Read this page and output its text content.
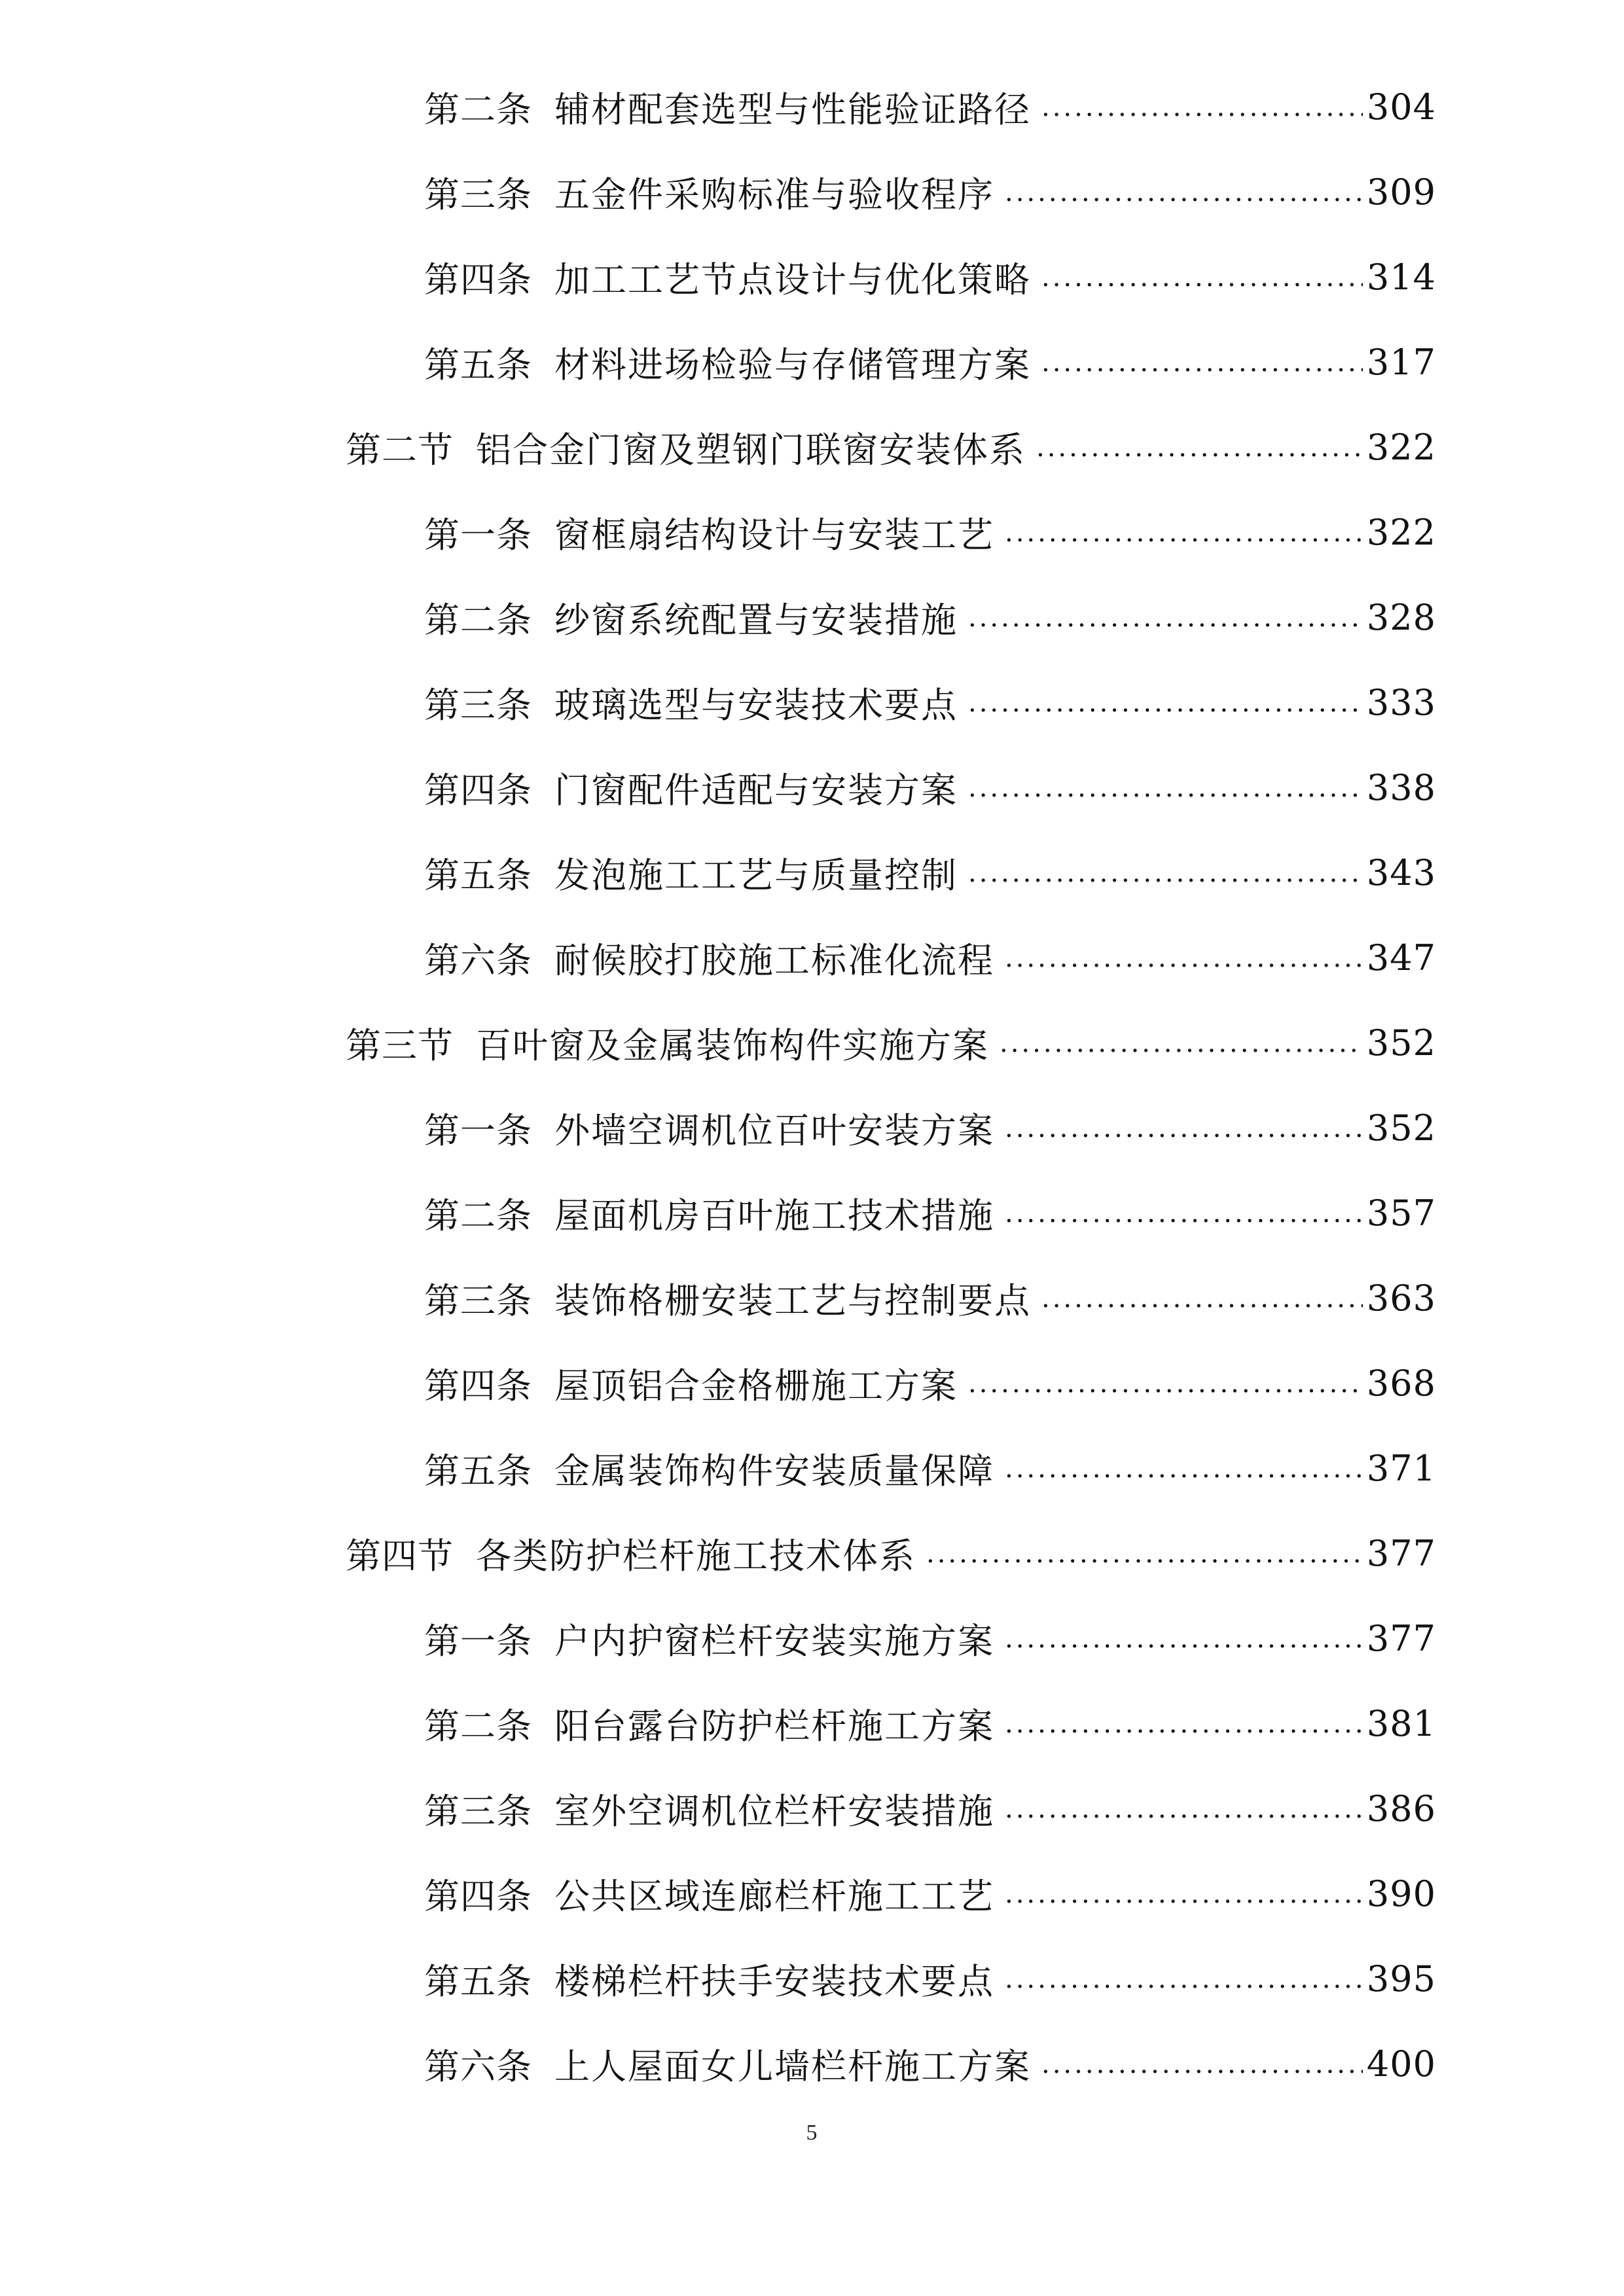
第二条 辅材配套选型与性能验证路径 .....	304
第三条 五金件采购标准与验收程序 .....	309
第四条 加工工艺节点设计与优化策略 .....	314
第五条 材料进场检验与存储管理方案 .....	317
第二节 铝合金门窗及塑钢门联窗安装体系 .....	322
第一条 窗框扇结构设计与安装工艺 .....	322
第二条 纱窗系统配置与安装措施 .....	328
第三条 玻璃选型与安装技术要点 .....	333
第四条 门窗配件适配与安装方案 .....	338
第五条 发泡施工工艺与质量控制 .....	343
第六条 耐候胶打胶施工标准化流程 .....	347
第三节 百叶窗及金属装饰构件实施方案 .....	352
第一条 外墙空调机位百叶安装方案 .....	352
第二条 屋面机房百叶施工技术措施 .....	357
第三条 装饰格栅安装工艺与控制要点 .....	363
第四条 屋顶铝合金格栅施工方案 .....	368
第五条 金属装饰构件安装质量保障 .....	371
第四节 各类防护栏杆施工技术体系 .....	377
第一条 户内护窗栏杆安装实施方案 .....	377
第二条 阳台露台防护栏杆施工方案 .....	381
第三条 室外空调机位栏杆安装措施 .....	386
第四条 公共区域连廊栏杆施工工艺 .....	390
第五条 楼梯栏杆扶手安装技术要点 .....	395
第六条 上人屋面女儿墙栏杆施工方案 .....	400
5
